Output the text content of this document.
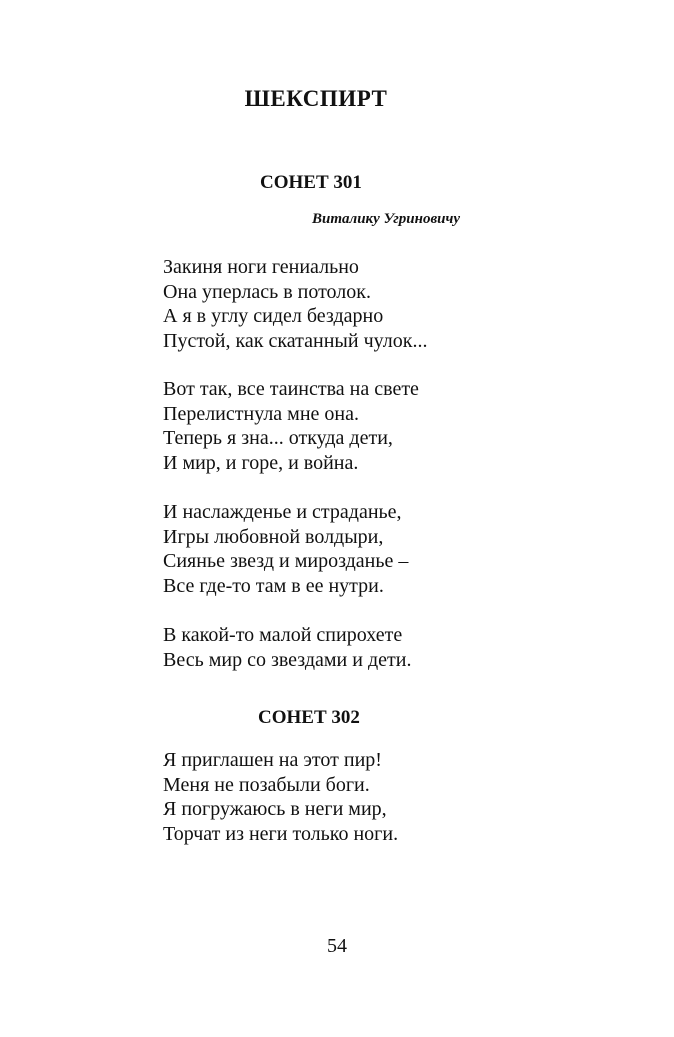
ШЕКСПИРТ
СОНЕТ 301
Виталику Угриновичу
Закиня ноги гениально
Она уперлась в потолок.
А я в углу сидел бездарно
Пустой, как скатанный чулок...
Вот так, все таинства на свете
Перелистнула мне она.
Теперь я зна... откуда дети,
И мир, и горе, и война.
И наслажденье и страданье,
Игры любовной волдыри,
Сиянье звезд и мирозданье –
Все где-то там в ее нутри.
В какой-то малой спирохете
Весь мир со звездами и дети.
СОНЕТ 302
Я приглашен на этот пир!
Меня не позабыли боги.
Я погружаюсь в неги мир,
Торчат из неги только ноги.
54
